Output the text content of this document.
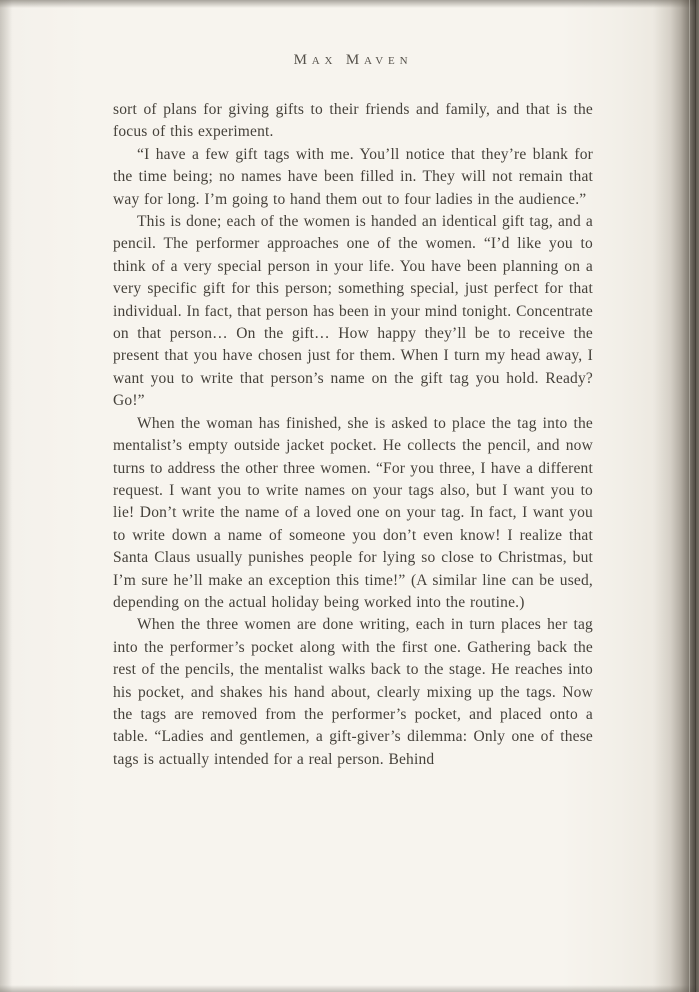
Max Maven

sort of plans for giving gifts to their friends and family, and that is the focus of this experiment.

“I have a few gift tags with me. You’ll notice that they’re blank for the time being; no names have been filled in. They will not remain that way for long. I’m going to hand them out to four ladies in the audience.”

This is done; each of the women is handed an identical gift tag, and a pencil. The performer approaches one of the women. “I’d like you to think of a very special person in your life. You have been planning on a very specific gift for this person; something special, just perfect for that individual. In fact, that person has been in your mind tonight. Concentrate on that person… On the gift… How happy they’ll be to receive the present that you have chosen just for them. When I turn my head away, I want you to write that person’s name on the gift tag you hold. Ready? Go!”

When the woman has finished, she is asked to place the tag into the mentalist’s empty outside jacket pocket. He collects the pencil, and now turns to address the other three women. “For you three, I have a different request. I want you to write names on your tags also, but I want you to lie! Don’t write the name of a loved one on your tag. In fact, I want you to write down a name of someone you don’t even know! I realize that Santa Claus usually punishes people for lying so close to Christmas, but I’m sure he’ll make an exception this time!” (A similar line can be used, depending on the actual holiday being worked into the routine.)

When the three women are done writing, each in turn places her tag into the performer’s pocket along with the first one. Gathering back the rest of the pencils, the mentalist walks back to the stage. He reaches into his pocket, and shakes his hand about, clearly mixing up the tags. Now the tags are removed from the performer’s pocket, and placed onto a table. “Ladies and gentlemen, a gift-giver’s dilemma: Only one of these tags is actually intended for a real person. Behind
